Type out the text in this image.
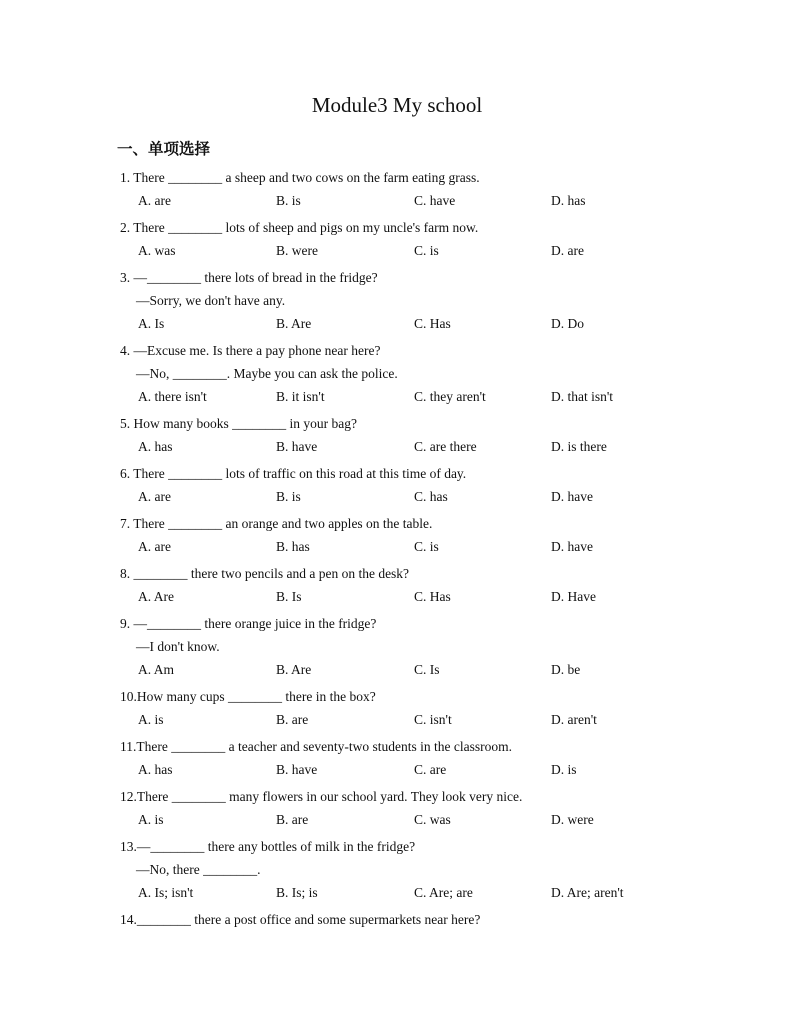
Module3 My school
一、单项选择
1. There ________ a sheep and two cows on the farm eating grass.
A. are	B. is	C. have	D. has
2. There ________ lots of sheep and pigs on my uncle's farm now.
A. was	B. were	C. is	D. are
3. —________ there lots of bread in the fridge?
—Sorry, we don't have any.
A. Is	B. Are	C. Has	D. Do
4. —Excuse me. Is there a pay phone near here?
—No, ________. Maybe you can ask the police.
A. there isn't	B. it isn't	C. they aren't	D. that isn't
5. How many books ________ in your bag?
A. has	B. have	C. are there	D. is there
6. There ________ lots of traffic on this road at this time of day.
A. are	B. is	C. has	D. have
7. There ________ an orange and two apples on the table.
A. are	B. has	C. is	D. have
8. ________ there two pencils and a pen on the desk?
A. Are	B. Is	C. Has	D. Have
9. —________ there orange juice in the fridge?
—I don't know.
A. Am	B. Are	C. Is	D. be
10.How many cups ________ there in the box?
A. is	B. are	C. isn't	D. aren't
11.There ________ a teacher and seventy-two students in the classroom.
A. has	B. have	C. are	D. is
12.There ________ many flowers in our school yard. They look very nice.
A. is	B. are	C. was	D. were
13.—________ there any bottles of milk in the fridge?
—No, there ________.
A. Is; isn't	B. Is; is	C. Are; are	D. Are; aren't
14.________ there a post office and some supermarkets near here?
